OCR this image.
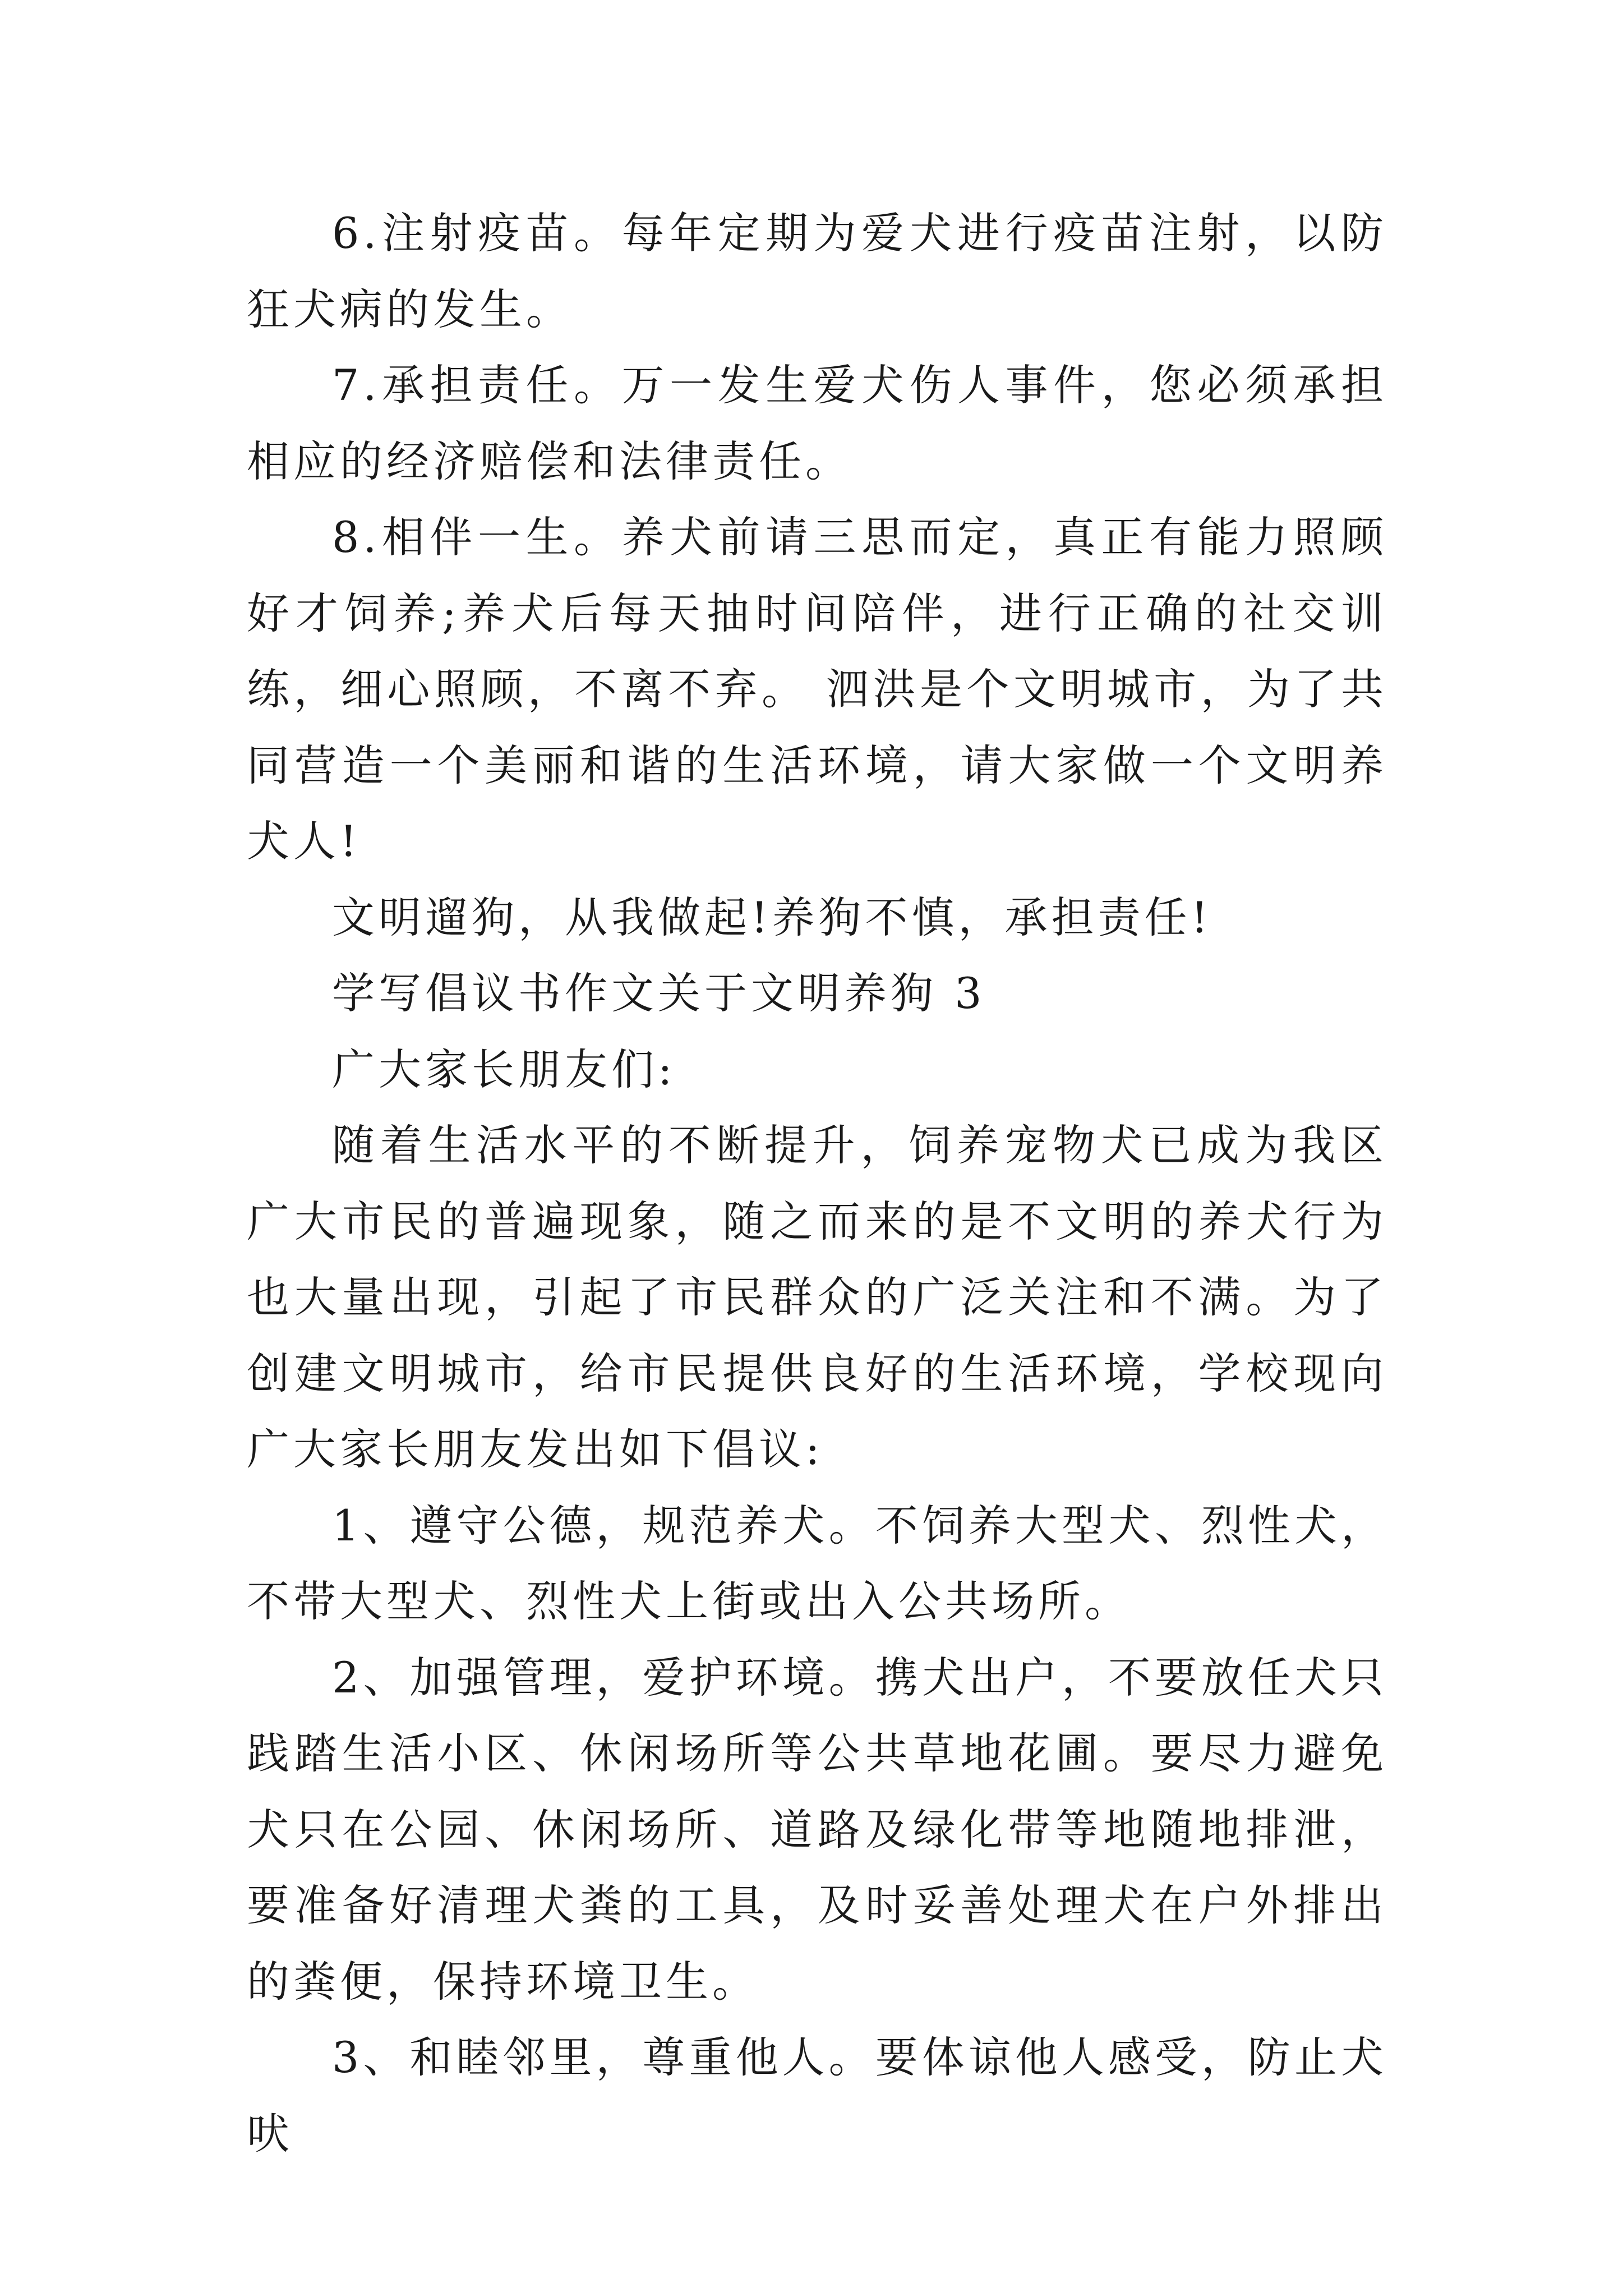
6.注射疫苗。每年定期为爱犬进行疫苗注射，以防狂犬病的发生。

7.承担责任。万一发生爱犬伤人事件，您必须承担相应的经济赔偿和法律责任。

8.相伴一生。养犬前请三思而定，真正有能力照顾好才饲养;养犬后每天抽时间陪伴，进行正确的社交训练，细心照顾，不离不弃。 泗洪是个文明城市，为了共同营造一个美丽和谐的生活环境，请大家做一个文明养犬人!

文明遛狗，从我做起!养狗不慎，承担责任!

学写倡议书作文关于文明养狗 3

广大家长朋友们:

随着生活水平的不断提升，饲养宠物犬已成为我区广大市民的普遍现象，随之而来的是不文明的养犬行为也大量出现，引起了市民群众的广泛关注和不满。为了创建文明城市，给市民提供良好的生活环境，学校现向广大家长朋友发出如下倡议:

1、遵守公德，规范养犬。不饲养大型犬、烈性犬，不带大型犬、烈性犬上街或出入公共场所。

2、加强管理，爱护环境。携犬出户，不要放任犬只践踏生活小区、休闲场所等公共草地花圃。要尽力避免犬只在公园、休闲场所、道路及绿化带等地随地排泄，要准备好清理犬粪的工具，及时妥善处理犬在户外排出的粪便，保持环境卫生。

3、和睦邻里，尊重他人。要体谅他人感受，防止犬吠
